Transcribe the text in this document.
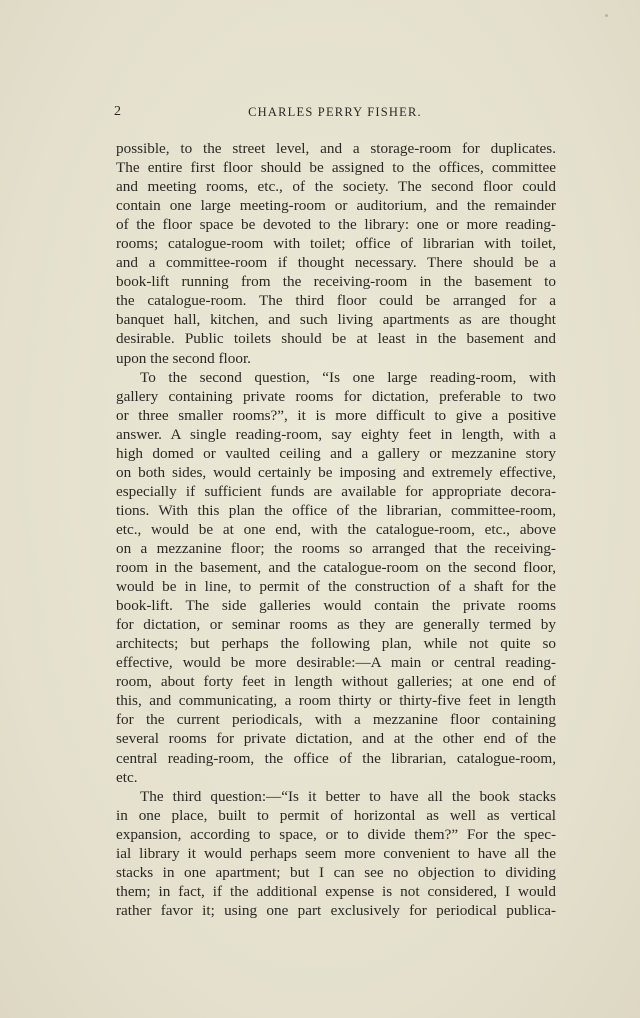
2	CHARLES PERRY FISHER.
possible, to the street level, and a storage-room for duplicates.
The entire first floor should be assigned to the offices, committee
and meeting rooms, etc., of the society. The second floor could
contain one large meeting-room or auditorium, and the remainder
of the floor space be devoted to the library: one or more reading-
rooms; catalogue-room with toilet; office of librarian with toilet,
and a committee-room if thought necessary. There should be a
book-lift running from the receiving-room in the basement to
the catalogue-room. The third floor could be arranged for a
banquet hall, kitchen, and such living apartments as are thought
desirable. Public toilets should be at least in the basement and
upon the second floor.
To the second question, “Is one large reading-room, with
gallery containing private rooms for dictation, preferable to two
or three smaller rooms?”, it is more difficult to give a positive
answer. A single reading-room, say eighty feet in length, with a
high domed or vaulted ceiling and a gallery or mezzanine story
on both sides, would certainly be imposing and extremely effective,
especially if sufficient funds are available for appropriate decora-
tions. With this plan the office of the librarian, committee-room,
etc., would be at one end, with the catalogue-room, etc., above
on a mezzanine floor; the rooms so arranged that the receiving-
room in the basement, and the catalogue-room on the second floor,
would be in line, to permit of the construction of a shaft for the
book-lift. The side galleries would contain the private rooms
for dictation, or seminar rooms as they are generally termed by
architects; but perhaps the following plan, while not quite so
effective, would be more desirable:—A main or central reading-
room, about forty feet in length without galleries; at one end of
this, and communicating, a room thirty or thirty-five feet in length
for the current periodicals, with a mezzanine floor containing
several rooms for private dictation, and at the other end of the
central reading-room, the office of the librarian, catalogue-room,
etc.
The third question:—“Is it better to have all the book stacks
in one place, built to permit of horizontal as well as vertical
expansion, according to space, or to divide them?” For the spec-
ial library it would perhaps seem more convenient to have all the
stacks in one apartment; but I can see no objection to dividing
them; in fact, if the additional expense is not considered, I would
rather favor it; using one part exclusively for periodical publica-
